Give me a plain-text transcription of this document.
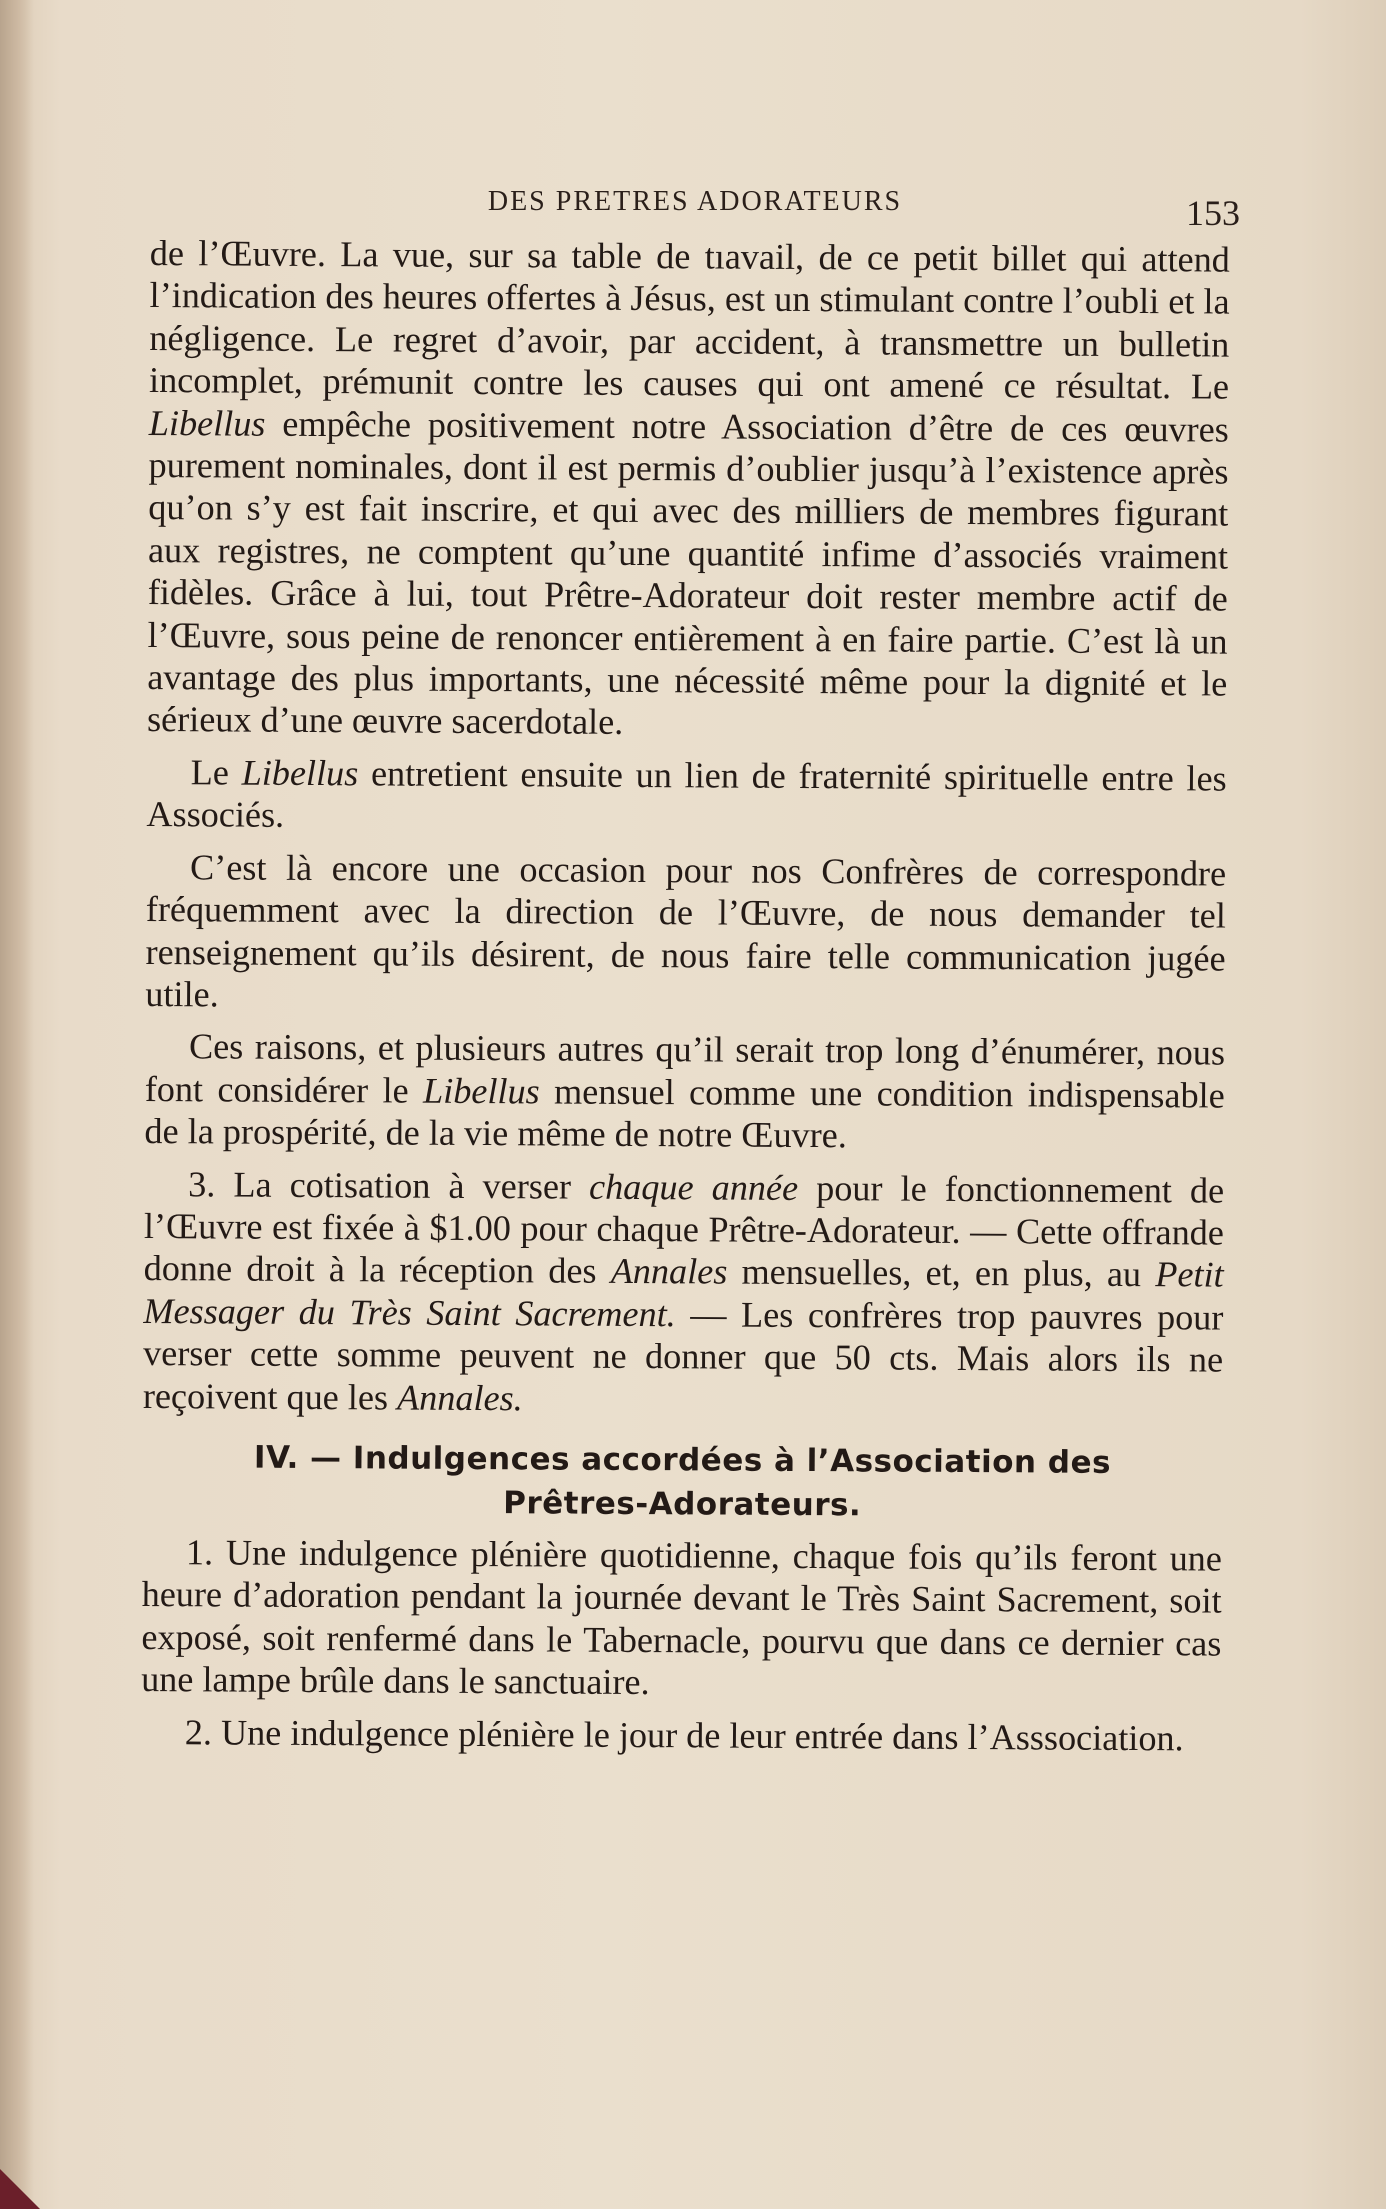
DES PRETRES ADORATEURS	153

de l’Œuvre. La vue, sur sa table de tıavail, de ce petit billet qui attend l’indication des heures offertes à Jésus, est un stimulant contre l’oubli et la négligence. Le regret d’avoir, par accident, à transmettre un bulletin incomplet, prémunit contre les causes qui ont amené ce résultat. Le Libellus empêche positivement notre Association d’être de ces œuvres purement nominales, dont il est permis d’oublier jusqu’à l’existence après qu’on s’y est fait inscrire, et qui avec des milliers de membres figurant aux registres, ne comptent qu’une quantité infime d’associés vraiment fidèles. Grâce à lui, tout Prêtre-Adorateur doit rester membre actif de l’Œuvre, sous peine de renoncer entièrement à en faire partie. C’est là un avantage des plus importants, une nécessité même pour la dignité et le sérieux d’une œuvre sacerdotale.

Le Libellus entretient ensuite un lien de fraternité spirituelle entre les Associés.

C’est là encore une occasion pour nos Confrères de correspondre fréquemment avec la direction de l’Œuvre, de nous demander tel renseignement qu’ils désirent, de nous faire telle communication jugée utile.

Ces raisons, et plusieurs autres qu’il serait trop long d’énumérer, nous font considérer le Libellus mensuel comme une condition indispensable de la prospérité, de la vie même de notre Œuvre.

3. La cotisation à verser chaque année pour le fonctionnement de l’Œuvre est fixée à $1.00 pour chaque Prêtre-Adorateur. — Cette offrande donne droit à la réception des Annales mensuelles, et, en plus, au Petit Messager du Très Saint Sacrement. — Les confrères trop pauvres pour verser cette somme peuvent ne donner que 50 cts. Mais alors ils ne reçoivent que les Annales.

IV. — Indulgences accordées à l’Association des
Prêtres-Adorateurs.

1. Une indulgence plénière quotidienne, chaque fois qu’ils feront une heure d’adoration pendant la journée devant le Très Saint Sacrement, soit exposé, soit renfermé dans le Tabernacle, pourvu que dans ce dernier cas une lampe brûle dans le sanctuaire.

2. Une indulgence plénière le jour de leur entrée dans l’Asssociation.
